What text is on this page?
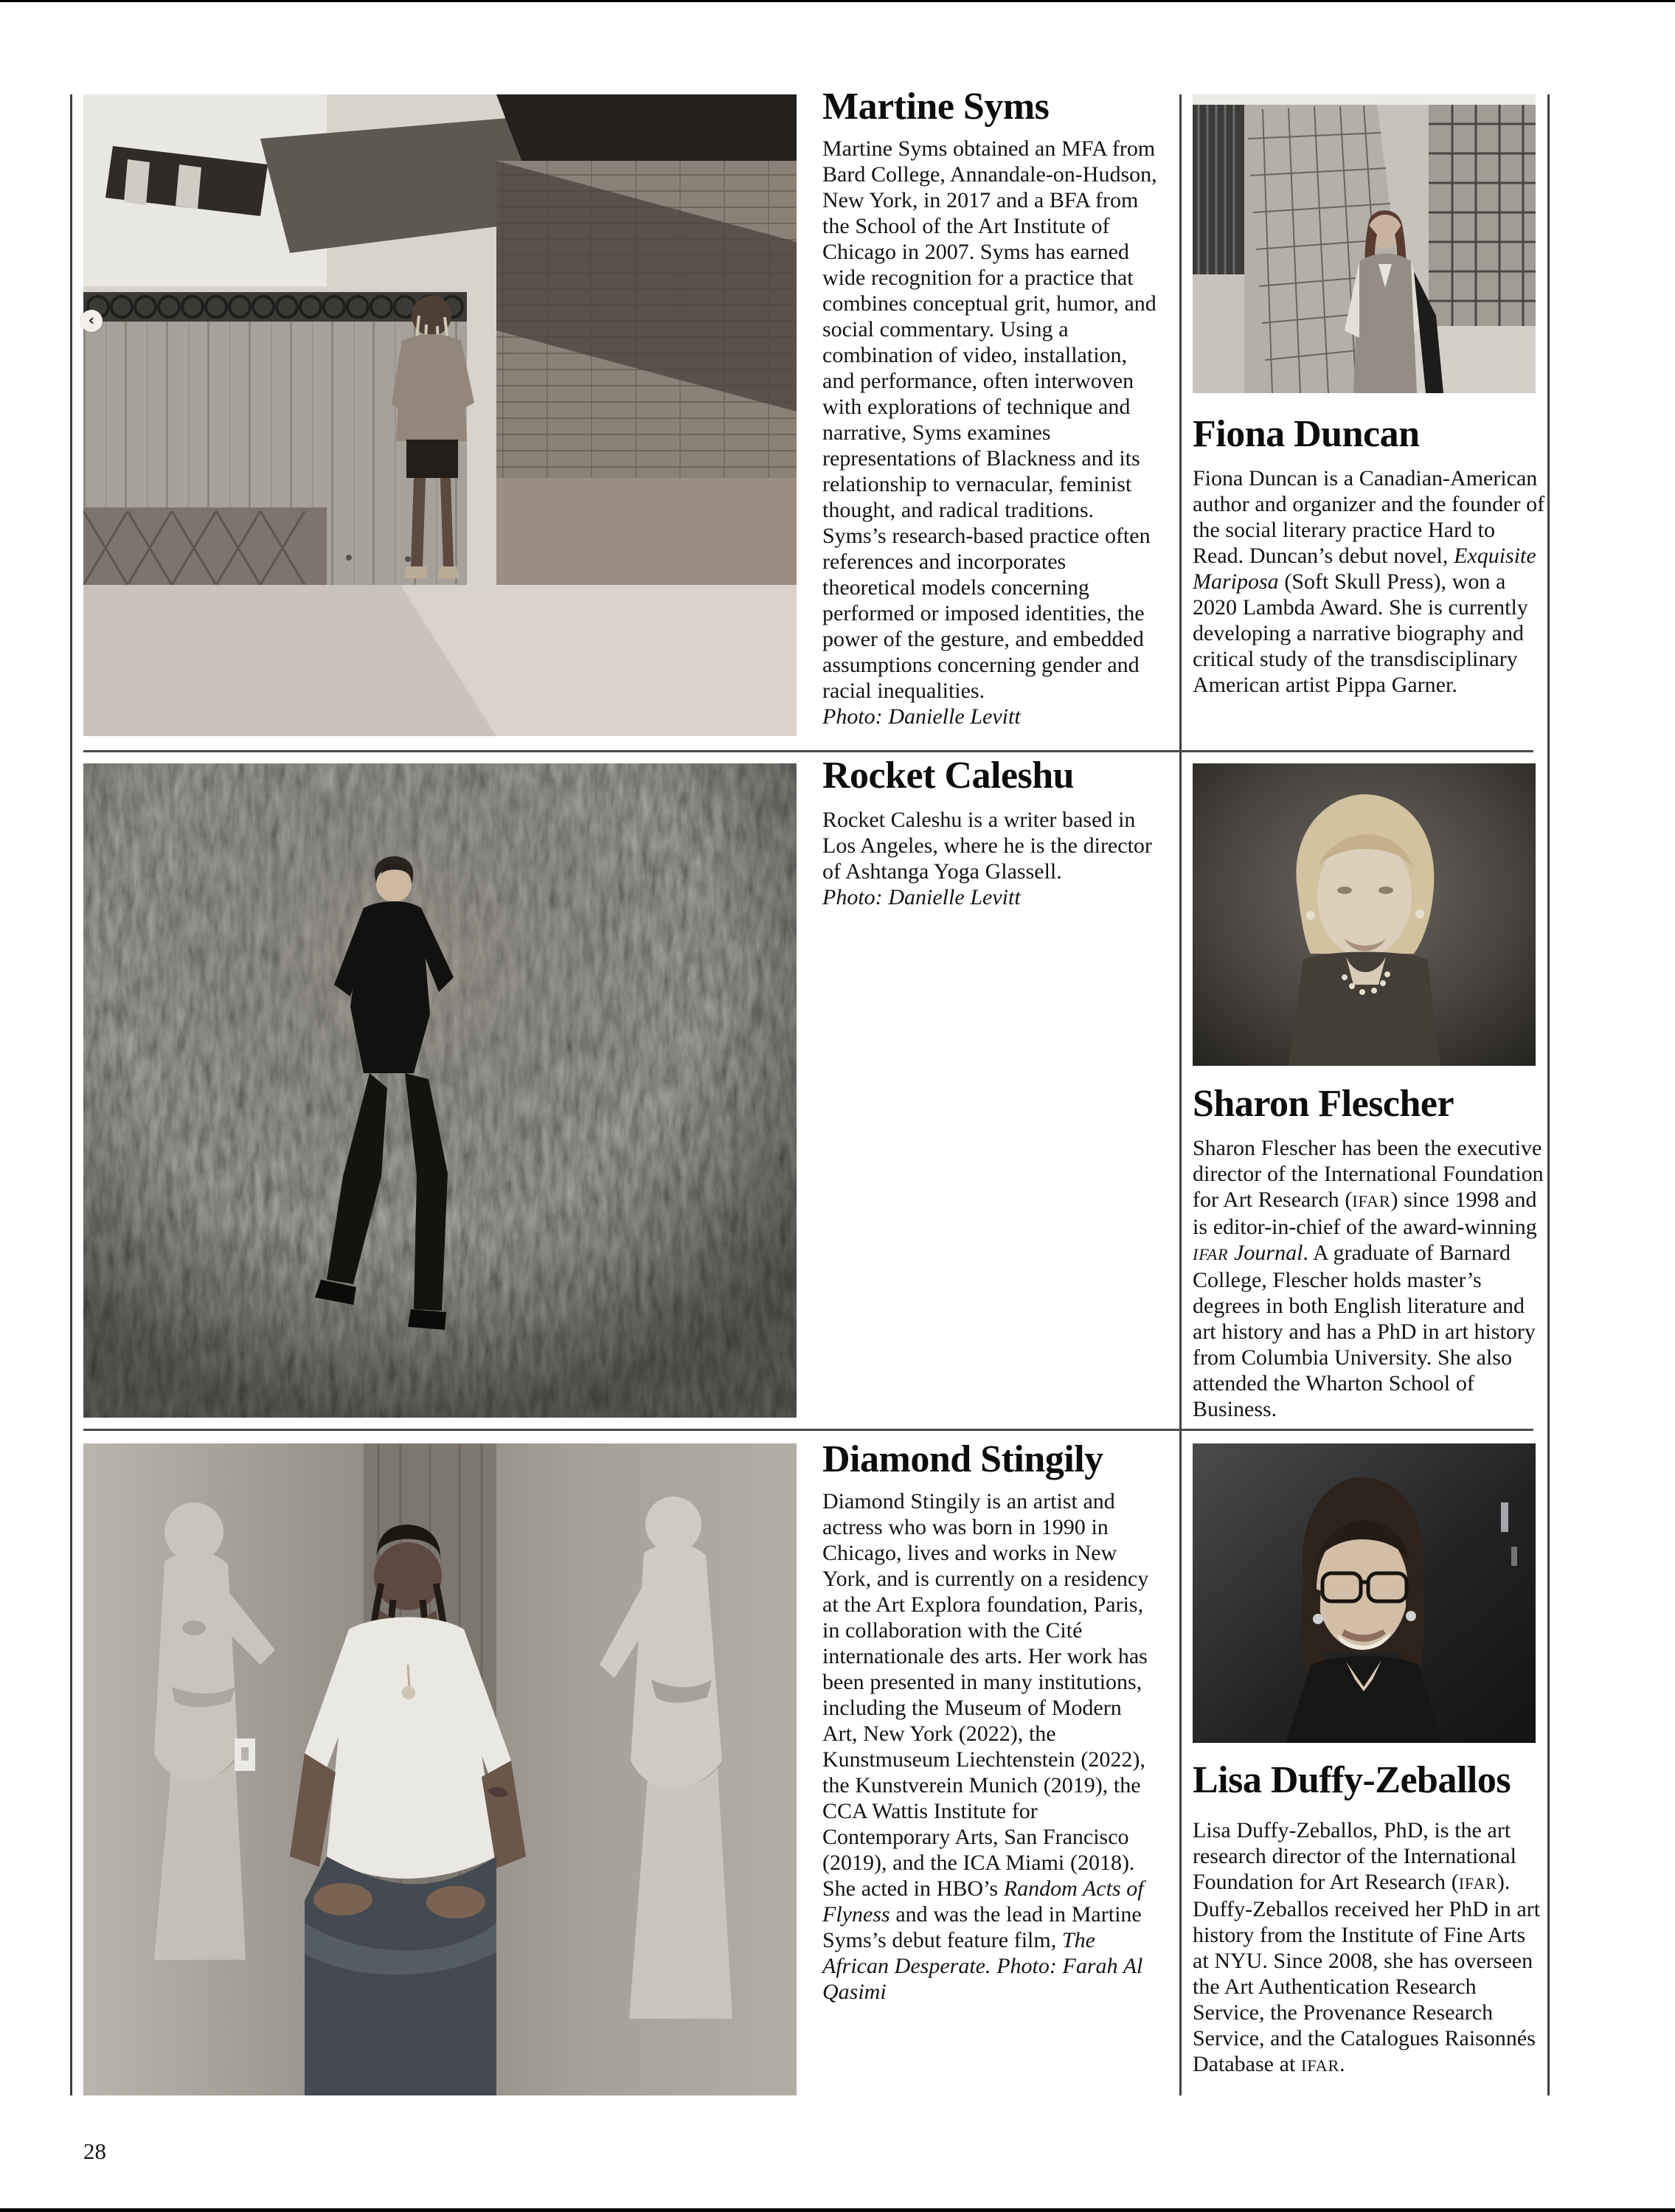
‹
Martine Syms
Martine Syms obtained an MFA from Bard College, Annandale-on-Hudson, New York, in 2017 and a BFA from the School of the Art Institute of Chicago in 2007. Syms has earned wide recognition for a practice that combines conceptual grit, humor, and social commentary. Using a combination of video, installation, and performance, often interwoven with explorations of technique and narrative, Syms examines representations of Blackness and its relationship to vernacular, feminist thought, and radical traditions. Syms’s research-based practice often references and incorporates theoretical models concerning performed or imposed identities, the power of the gesture, and embedded assumptions concerning gender and racial inequalities.
Photo: Danielle Levitt
Fiona Duncan
Fiona Duncan is a Canadian-American author and organizer and the founder of the social literary practice Hard to Read. Duncan’s debut novel, Exquisite Mariposa (Soft Skull Press), won a 2020 Lambda Award. She is currently developing a narrative biography and critical study of the transdisciplinary American artist Pippa Garner.
Rocket Caleshu
Rocket Caleshu is a writer based in Los Angeles, where he is the director of Ashtanga Yoga Glassell.
Photo: Danielle Levitt
Sharon Flescher
Sharon Flescher has been the executive director of the International Foundation for Art Research (IFAR) since 1998 and is editor-in-chief of the award-winning IFAR Journal. A graduate of Barnard College, Flescher holds master’s degrees in both English literature and art history and has a PhD in art history from Columbia University. She also attended the Wharton School of Business.
Diamond Stingily
Diamond Stingily is an artist and actress who was born in 1990 in Chicago, lives and works in New York, and is currently on a residency at the Art Explora foundation, Paris, in collaboration with the Cité internationale des arts. Her work has been presented in many institutions, including the Museum of Modern Art, New York (2022), the Kunstmuseum Liechtenstein (2022), the Kunstverein Munich (2019), the CCA Wattis Institute for Contemporary Arts, San Francisco (2019), and the ICA Miami (2018). She acted in HBO’s Random Acts of Flyness and was the lead in Martine Syms’s debut feature film, The African Desperate. Photo: Farah Al Qasimi
Lisa Duffy-Zeballos
Lisa Duffy-Zeballos, PhD, is the art research director of the International Foundation for Art Research (IFAR). Duffy-Zeballos received her PhD in art history from the Institute of Fine Arts at NYU. Since 2008, she has overseen the Art Authentication Research Service, the Provenance Research Service, and the Catalogues Raisonnés Database at IFAR.
28
